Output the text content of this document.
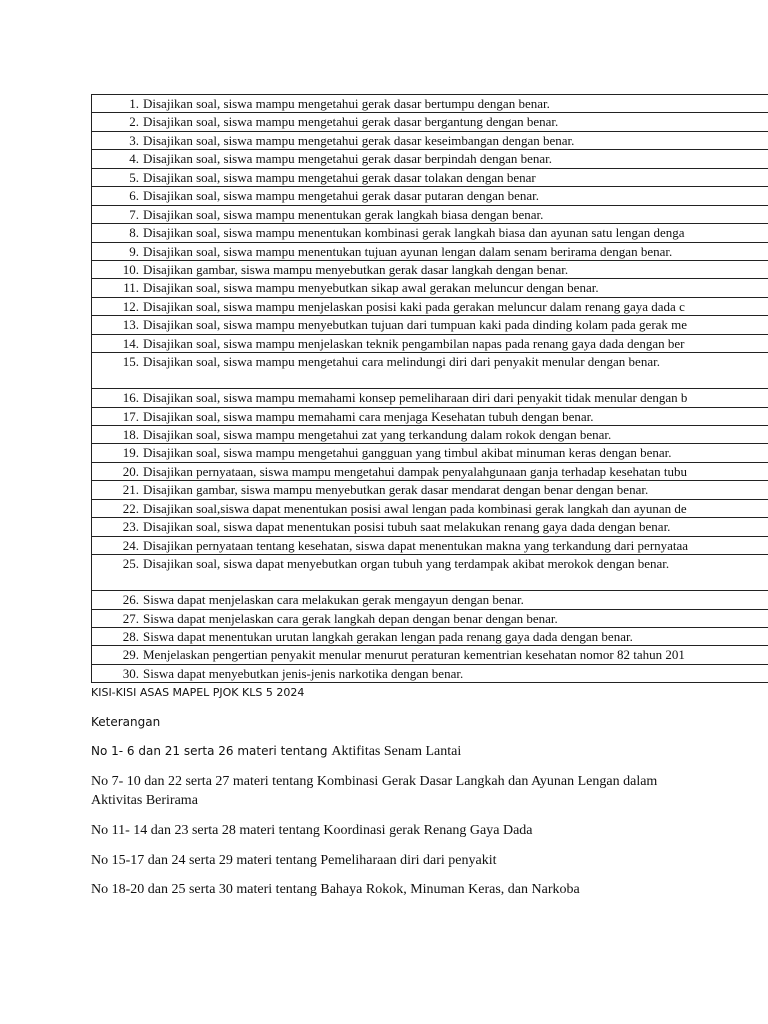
1. Disajikan soal, siswa mampu mengetahui gerak dasar bertumpu dengan benar.
2. Disajikan soal, siswa mampu mengetahui gerak dasar bergantung dengan benar.
3. Disajikan soal, siswa mampu mengetahui gerak dasar keseimbangan dengan benar.
4. Disajikan soal, siswa mampu mengetahui gerak dasar berpindah dengan benar.
5. Disajikan soal, siswa mampu mengetahui gerak dasar tolakan dengan benar
6. Disajikan soal, siswa mampu mengetahui gerak dasar putaran dengan benar.
7. Disajikan soal, siswa mampu menentukan gerak langkah biasa dengan benar.
8. Disajikan soal, siswa mampu menentukan kombinasi gerak langkah biasa dan ayunan satu lengan denga
9. Disajikan soal, siswa mampu menentukan tujuan ayunan lengan dalam senam berirama dengan benar.
10. Disajikan gambar, siswa mampu menyebutkan gerak dasar langkah dengan benar.
11. Disajikan soal, siswa mampu menyebutkan sikap awal gerakan meluncur dengan benar.
12. Disajikan soal, siswa mampu menjelaskan posisi kaki pada gerakan meluncur dalam renang gaya dada c
13. Disajikan soal, siswa mampu menyebutkan tujuan dari tumpuan kaki pada dinding kolam pada gerak me
14. Disajikan soal, siswa mampu menjelaskan teknik pengambilan napas pada renang gaya dada dengan ber
15. Disajikan soal, siswa mampu mengetahui cara melindungi diri dari penyakit menular dengan benar.
16. Disajikan soal, siswa mampu memahami konsep pemeliharaan diri dari penyakit tidak menular dengan b
17. Disajikan soal, siswa mampu memahami cara menjaga Kesehatan tubuh dengan benar.
18. Disajikan soal, siswa mampu mengetahui zat yang terkandung dalam rokok dengan benar.
19. Disajikan soal, siswa mampu mengetahui gangguan yang timbul akibat minuman keras dengan benar.
20. Disajikan pernyataan, siswa mampu mengetahui dampak penyalahgunaan ganja terhadap kesehatan tubu
21. Disajikan gambar, siswa mampu menyebutkan gerak dasar mendarat dengan benar dengan benar.
22. Disajikan soal,siswa dapat menentukan posisi awal lengan pada kombinasi gerak langkah dan ayunan de
23. Disajikan soal, siswa dapat menentukan posisi tubuh saat melakukan renang gaya dada dengan benar.
24. Disajikan pernyataan tentang kesehatan, siswa dapat menentukan makna yang terkandung dari pernyataa
25. Disajikan soal, siswa dapat menyebutkan organ tubuh yang terdampak akibat merokok dengan benar.
26. Siswa dapat menjelaskan cara melakukan gerak mengayun dengan benar.
27. Siswa dapat menjelaskan cara gerak langkah depan dengan benar dengan benar.
28. Siswa dapat menentukan urutan langkah gerakan lengan pada renang gaya dada dengan benar.
29. Menjelaskan pengertian penyakit menular menurut peraturan kementrian kesehatan nomor 82 tahun 201
30. Siswa dapat menyebutkan jenis-jenis narkotika dengan benar.
KISI-KISI ASAS MAPEL PJOK KLS 5 2024
Keterangan
No 1- 6 dan 21 serta 26 materi tentang Aktifitas Senam Lantai
No 7- 10 dan 22 serta 27 materi tentang Kombinasi Gerak Dasar Langkah dan Ayunan Lengan dalam Aktivitas Berirama
No 11- 14 dan 23 serta 28 materi tentang Koordinasi gerak Renang Gaya Dada
No 15-17 dan 24 serta 29 materi tentang Pemeliharaan diri dari penyakit
No 18-20 dan 25 serta 30 materi tentang Bahaya Rokok, Minuman Keras, dan Narkoba
